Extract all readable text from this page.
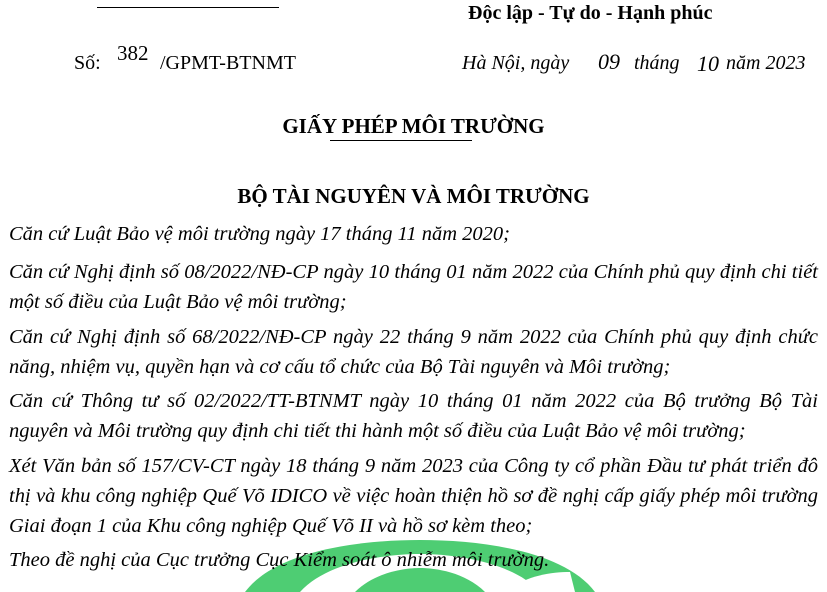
Độc lập - Tự do - Hạnh phúc
Số: 382 /GPMT-BTNMT	Hà Nội, ngày 09 tháng 10 năm 2023
GIẤY PHÉP MÔI TRƯỜNG
BỘ TÀI NGUYÊN VÀ MÔI TRƯỜNG

Căn cứ Luật Bảo vệ môi trường ngày 17 tháng 11 năm 2020;

Căn cứ Nghị định số 08/2022/NĐ-CP ngày 10 tháng 01 năm 2022 của Chính phủ quy định chi tiết một số điều của Luật Bảo vệ môi trường;

Căn cứ Nghị định số 68/2022/NĐ-CP ngày 22 tháng 9 năm 2022 của Chính phủ quy định chức năng, nhiệm vụ, quyền hạn và cơ cấu tổ chức của Bộ Tài nguyên và Môi trường;

Căn cứ Thông tư số 02/2022/TT-BTNMT ngày 10 tháng 01 năm 2022 của Bộ trưởng Bộ Tài nguyên và Môi trường quy định chi tiết thi hành một số điều của Luật Bảo vệ môi trường;

Xét Văn bản số 157/CV-CT ngày 18 tháng 9 năm 2023 của Công ty cổ phần Đầu tư phát triển đô thị và khu công nghiệp Quế Võ IDICO về việc hoàn thiện hồ sơ đề nghị cấp giấy phép môi trường Giai đoạn 1 của Khu công nghiệp Quế Võ II và hồ sơ kèm theo;

Theo đề nghị của Cục trưởng Cục Kiểm soát ô nhiễm môi trường.
